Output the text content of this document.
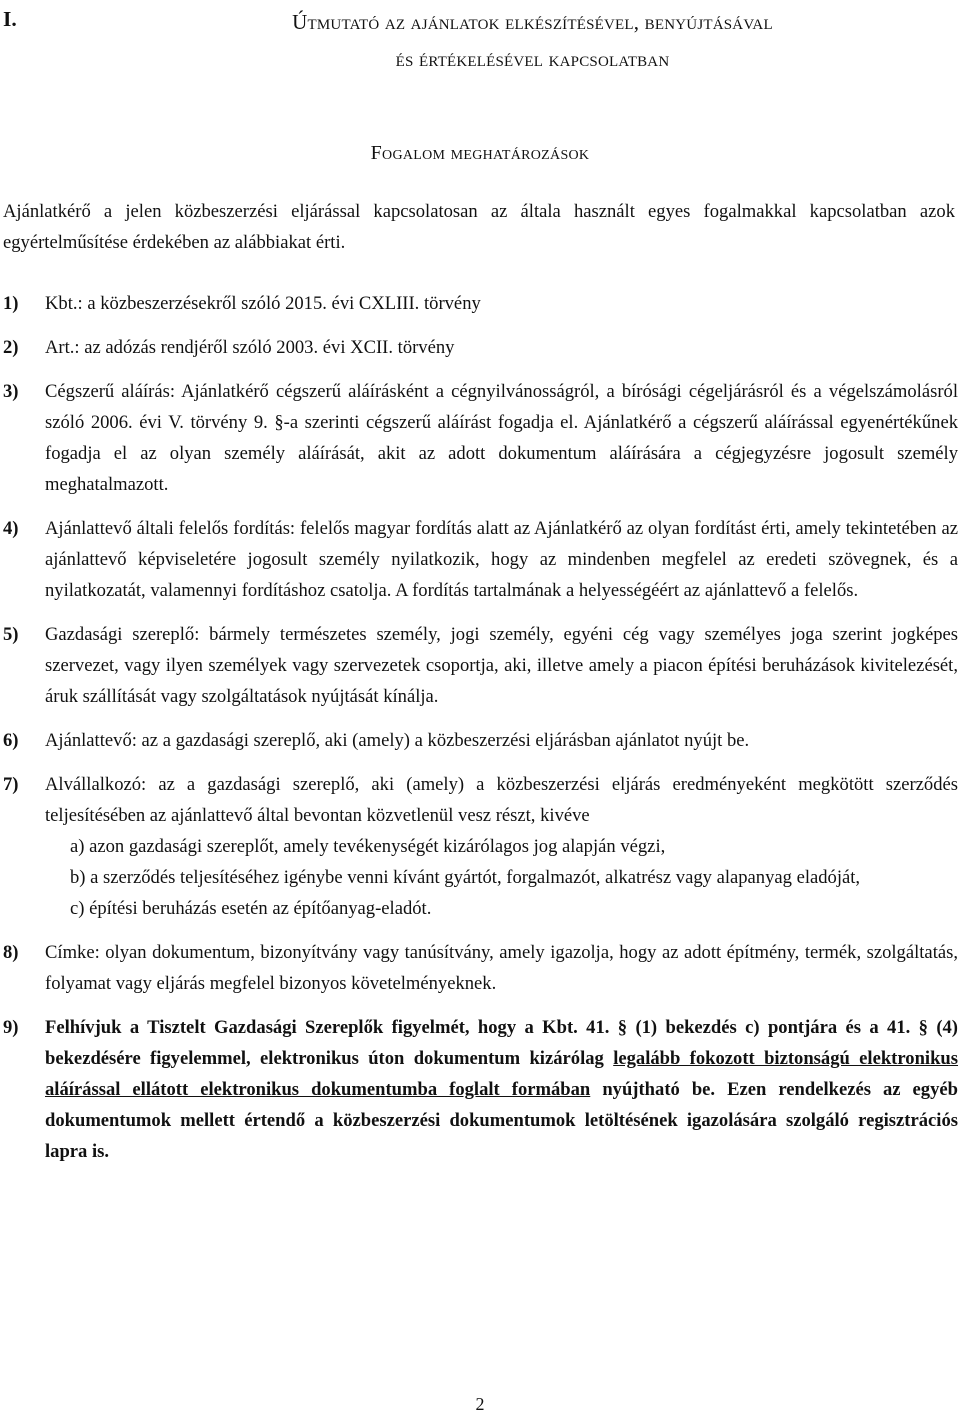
I.	Útmutató az ajánlatok elkészítésével, benyújtásával
és értékelésével kapcsolatban
Fogalom meghatározások
Ajánlatkérő a jelen közbeszerzési eljárással kapcsolatosan az általa használt egyes fogalmakkal kapcsolatban azok egyértelműsítése érdekében az alábbiakat érti.
1) Kbt.: a közbeszerzésekről szóló 2015. évi CXLIII. törvény
2) Art.: az adózás rendjéről szóló 2003. évi XCII. törvény
3) Cégszerű aláírás: Ajánlatkérő cégszerű aláírásként a cégnyilvánosságról, a bírósági cégeljárásról és a végelszámolásról szóló 2006. évi V. törvény 9. §-a szerinti cégszerű aláírást fogadja el. Ajánlatkérő a cégszerű aláírással egyenértékűnek fogadja el az olyan személy aláírását, akit az adott dokumentum aláírására a cégjegyzésre jogosult személy meghatalmazott.
4) Ajánlattevő általi felelős fordítás: felelős magyar fordítás alatt az Ajánlatkérő az olyan fordítást érti, amely tekintetében az ajánlattevő képviseletére jogosult személy nyilatkozik, hogy az mindenben megfelel az eredeti szövegnek, és a nyilatkozatát, valamennyi fordításhoz csatolja. A fordítás tartalmának a helyességéért az ajánlattevő a felelős.
5) Gazdasági szereplő: bármely természetes személy, jogi személy, egyéni cég vagy személyes joga szerint jogképes szervezet, vagy ilyen személyek vagy szervezetek csoportja, aki, illetve amely a piacon építési beruházások kivitelezését, áruk szállítását vagy szolgáltatások nyújtását kínálja.
6) Ajánlattevő: az a gazdasági szereplő, aki (amely) a közbeszerzési eljárásban ajánlatot nyújt be.
7) Alvállalkozó: az a gazdasági szereplő, aki (amely) a közbeszerzési eljárás eredményeként megkötött szerződés teljesítésében az ajánlattevő által bevontan közvetlenül vesz részt, kivéve
a) azon gazdasági szereplőt, amely tevékenységét kizárólagos jog alapján végzi,
b) a szerződés teljesítéséhez igénybe venni kívánt gyártót, forgalmazót, alkatrész vagy alapanyag eladóját,
c) építési beruházás esetén az építőanyag-eladót.
8) Címke: olyan dokumentum, bizonyítvány vagy tanúsítvány, amely igazolja, hogy az adott építmény, termék, szolgáltatás, folyamat vagy eljárás megfelel bizonyos követelményeknek.
9) Felhívjuk a Tisztelt Gazdasági Szereplők figyelmét, hogy a Kbt. 41. § (1) bekezdés c) pontjára és a 41. § (4) bekezdésére figyelemmel, elektronikus úton dokumentum kizárólag legalább fokozott biztonságú elektronikus aláírással ellátott elektronikus dokumentumba foglalt formában nyújtható be. Ezen rendelkezés az egyéb dokumentumok mellett értendő a közbeszerzési dokumentumok letöltésének igazolására szolgáló regisztrációs lapra is.
2
